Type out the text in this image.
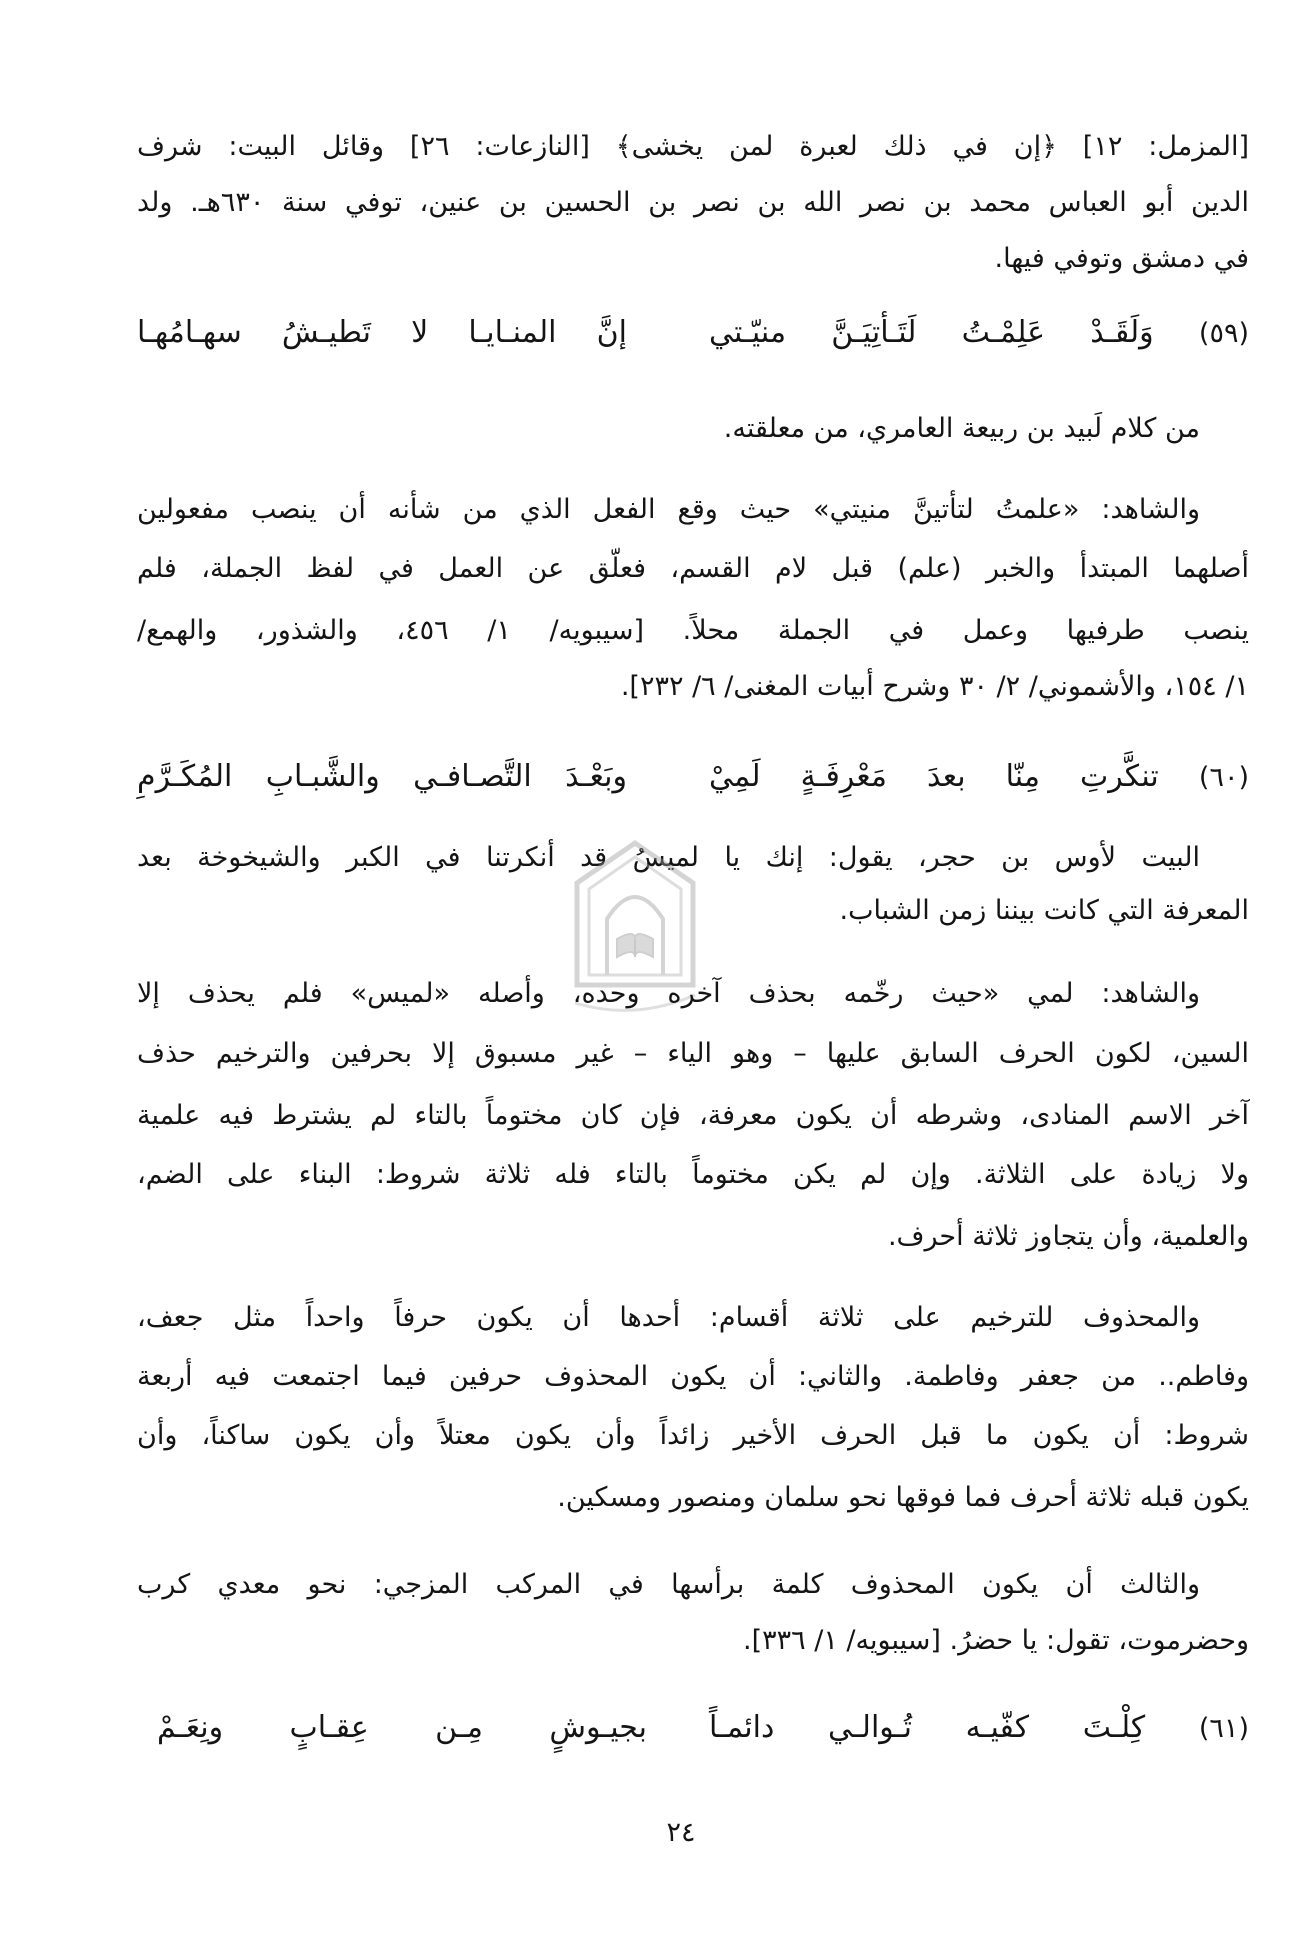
[المزمل: ١٢] ﴿إن في ذلك لعبرة لمن يخشى﴾ [النازعات: ٢٦] وقائل البيت: شرف
الدين أبو العباس محمد بن نصر الله بن نصر بن الحسين بن عنين، توفي سنة ٦٣٠هـ. ولد
في دمشق وتوفي فيها.
(٥٩) وَلَقَـدْ عَلِمْـتُ لَتَـأتِيَـنَّ منيّـتي
إنَّ المنـايـا لا تَطيـشُ سهـامُهـا
من كلام لَبيد بن ربيعة العامري، من معلقته.
والشاهد: «علمتُ لتأتينَّ منيتي» حيث وقع الفعل الذي من شأنه أن ينصب مفعولين
أصلهما المبتدأ والخبر (علم) قبل لام القسم، فعلّق عن العمل في لفظ الجملة، فلم
ينصب طرفيها وعمل في الجملة محلاً. [سيبويه/ ١/ ٤٥٦، والشذور، والهمع/
١/ ١٥٤، والأشموني/ ٢/ ٣٠ وشرح أبيات المغنى/ ٦/ ٢٣٢].
(٦٠) تنكَّرتِ مِنّا بعدَ مَعْرِفَـةٍ لَمِيْ
وبَعْـدَ التَّصـافـي والشَّبـابِ المُكَـرَّمِ
البيت لأوس بن حجر، يقول: إنك يا لميسُ قد أنكرتنا في الكبر والشيخوخة بعد
المعرفة التي كانت بيننا زمن الشباب.
والشاهد: لمي «حيث رخّمه بحذف آخره وحده، وأصله «لميس» فلم يحذف إلا
السين، لكون الحرف السابق عليها – وهو الياء – غير مسبوق إلا بحرفين والترخيم حذف
آخر الاسم المنادى، وشرطه أن يكون معرفة، فإن كان مختوماً بالتاء لم يشترط فيه علمية
ولا زيادة على الثلاثة. وإن لم يكن مختوماً بالتاء فله ثلاثة شروط: البناء على الضم،
والعلمية، وأن يتجاوز ثلاثة أحرف.
والمحذوف للترخيم على ثلاثة أقسام: أحدها أن يكون حرفاً واحداً مثل جعف،
وفاطم.. من جعفر وفاطمة. والثاني: أن يكون المحذوف حرفين فيما اجتمعت فيه أربعة
شروط: أن يكون ما قبل الحرف الأخير زائداً وأن يكون معتلاً وأن يكون ساكناً، وأن
يكون قبله ثلاثة أحرف فما فوقها نحو سلمان ومنصور ومسكين.
والثالث أن يكون المحذوف كلمة برأسها في المركب المزجي: نحو معدي كرب
وحضرموت، تقول: يا حضرُ. [سيبويه/ ١/ ٣٣٦].
(٦١) كِلْـتَ كفّيـه تُـوالـي دائمـاً
بجيـوشٍ مِـن عِقـابٍ ونِعَـمْ
٢٤
